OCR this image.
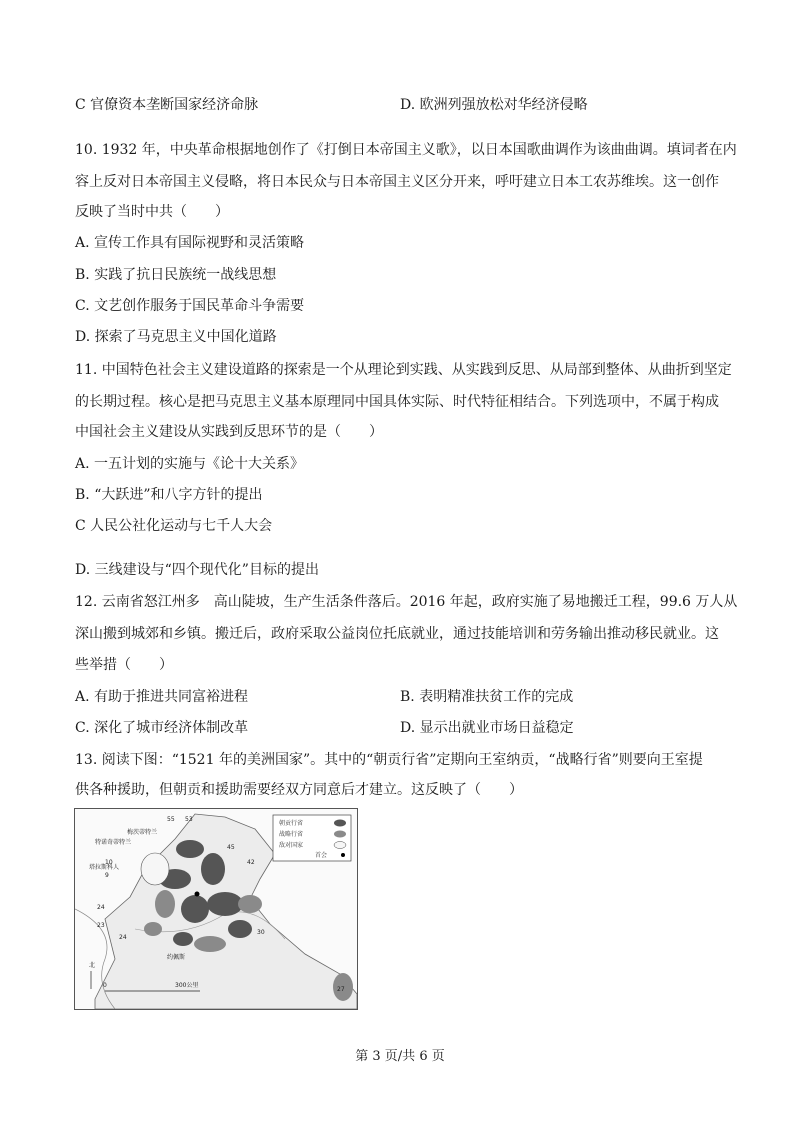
C 官僚资本垄断国家经济命脉	D. 欧洲列强放松对华经济侵略
10. 1932 年，中央革命根据地创作了《打倒日本帝国主义歌》，以日本国歌曲调作为该曲曲调。填词者在内
容上反对日本帝国主义侵略，将日本民众与日本帝国主义区分开来，呼吁建立日本工农苏维埃。这一创作
反映了当时中共（　　）
A. 宣传工作具有国际视野和灵活策略
B. 实践了抗日民族统一战线思想
C. 文艺创作服务于国民革命斗争需要
D. 探索了马克思主义中国化道路
11. 中国特色社会主义建设道路的探索是一个从理论到实践、从实践到反思、从局部到整体、从曲折到坚定
的长期过程。核心是把马克思主义基本原理同中国具体实际、时代特征相结合。下列选项中，不属于构成
中国社会主义建设从实践到反思环节的是（　　）
A. 一五计划的实施与《论十大关系》
B. “大跃进”和八字方针的提出
C 人民公社化运动与七千人大会
D. 三线建设与“四个现代化”目标的提出
12. 云南省怒江州多　高山陡坡，生产生活条件落后。2016 年起，政府实施了易地搬迁工程，99.6 万人从
深山搬到城郊和乡镇。搬迁后，政府采取公益岗位托底就业，通过技能培训和劳务输出推动移民就业。这
些举措（　　）
A. 有助于推进共同富裕进程	B. 表明精准扶贫工作的完成
C. 深化了城市经济体制改革	D. 显示出就业市场日益稳定
13. 阅读下图：“1521 年的美洲国家”。其中的“朝贡行省”定期向王室纳贡，“战略行省”则要向王室提
供各种援助，但朝贡和援助需要经双方同意后才建立。这反映了（　　）
55 53
梅茨蒂特兰
特诺奇蒂特兰
塔拉斯科人
45
42
10
9
24
23
24
30
27
约佩斯
朝贡行省
战略行省
敌对国家
首会
北
0	300公里
第 3 页/共 6 页
